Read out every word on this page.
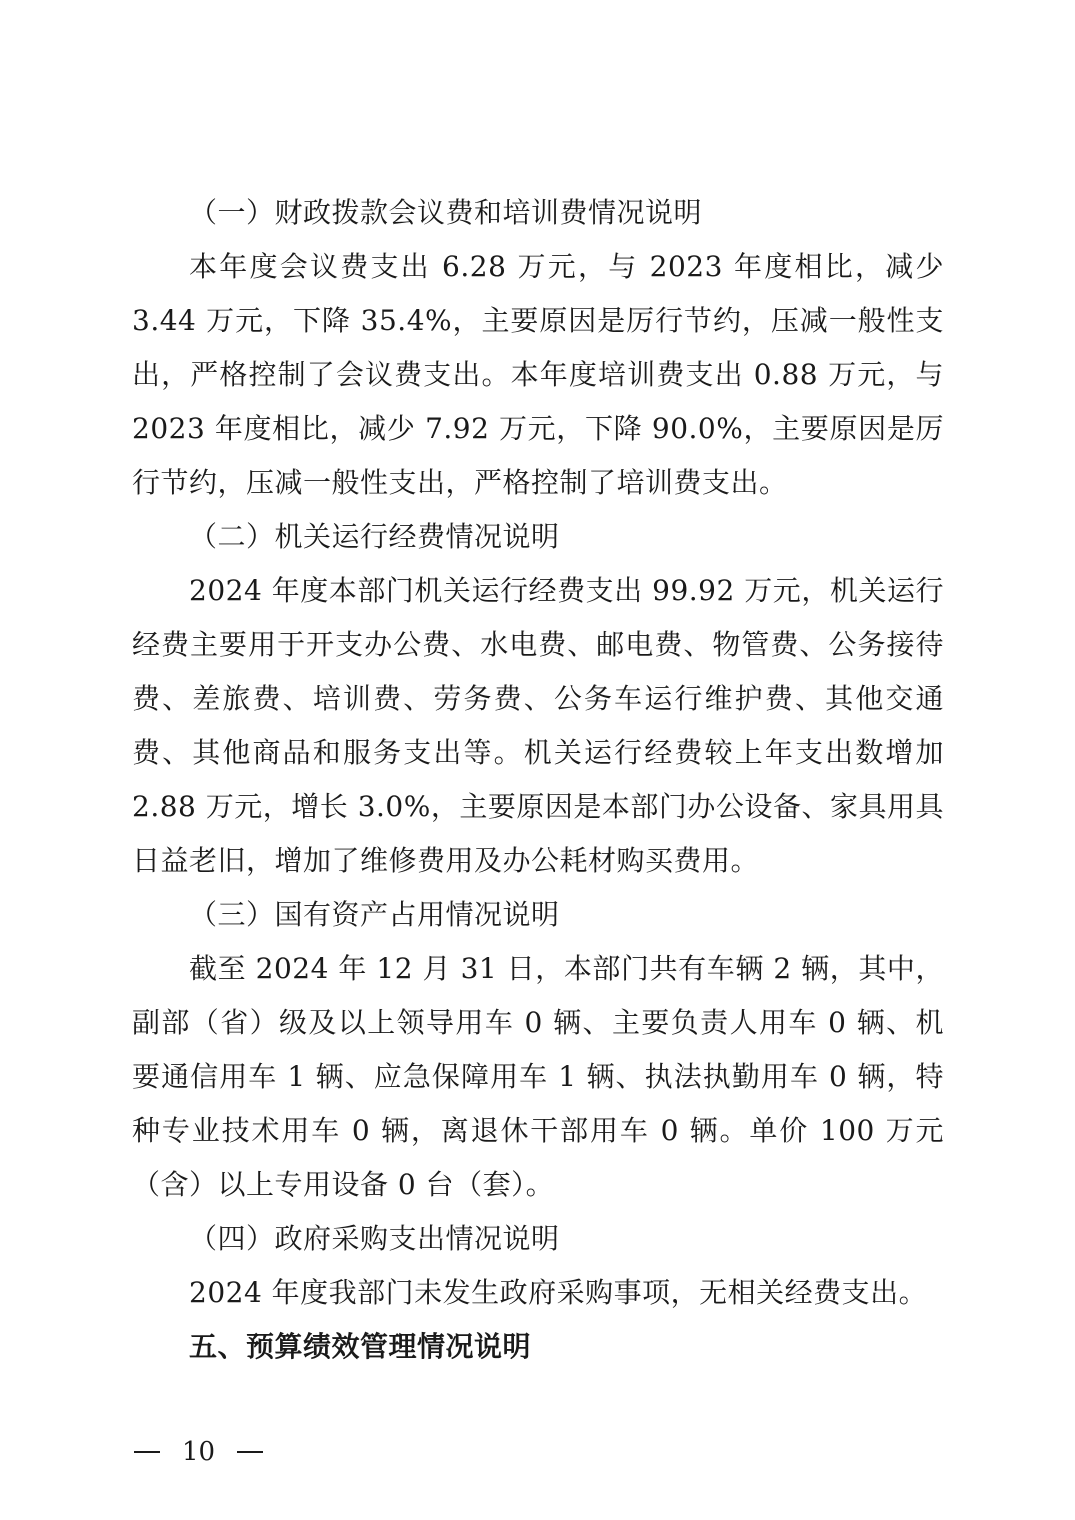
（一）财政拨款会议费和培训费情况说明

本年度会议费支出 6.28 万元，与 2023 年度相比，减少 3.44 万元，下降 35.4%，主要原因是厉行节约，压减一般性支出，严格控制了会议费支出。本年度培训费支出 0.88 万元，与 2023 年度相比，减少 7.92 万元，下降 90.0%，主要原因是厉行节约，压减一般性支出，严格控制了培训费支出。

（二）机关运行经费情况说明

2024 年度本部门机关运行经费支出 99.92 万元，机关运行经费主要用于开支办公费、水电费、邮电费、物管费、公务接待费、差旅费、培训费、劳务费、公务车运行维护费、其他交通费、其他商品和服务支出等。机关运行经费较上年支出数增加 2.88 万元，增长 3.0%，主要原因是本部门办公设备、家具用具日益老旧，增加了维修费用及办公耗材购买费用。

（三）国有资产占用情况说明

截至 2024 年 12 月 31 日，本部门共有车辆 2 辆，其中，副部（省）级及以上领导用车 0 辆、主要负责人用车 0 辆、机要通信用车 1 辆、应急保障用车 1 辆、执法执勤用车 0 辆，特种专业技术用车 0 辆，离退休干部用车 0 辆。单价 100 万元（含）以上专用设备 0 台（套）。

（四）政府采购支出情况说明

2024 年度我部门未发生政府采购事项，无相关经费支出。

五、预算绩效管理情况说明

10
